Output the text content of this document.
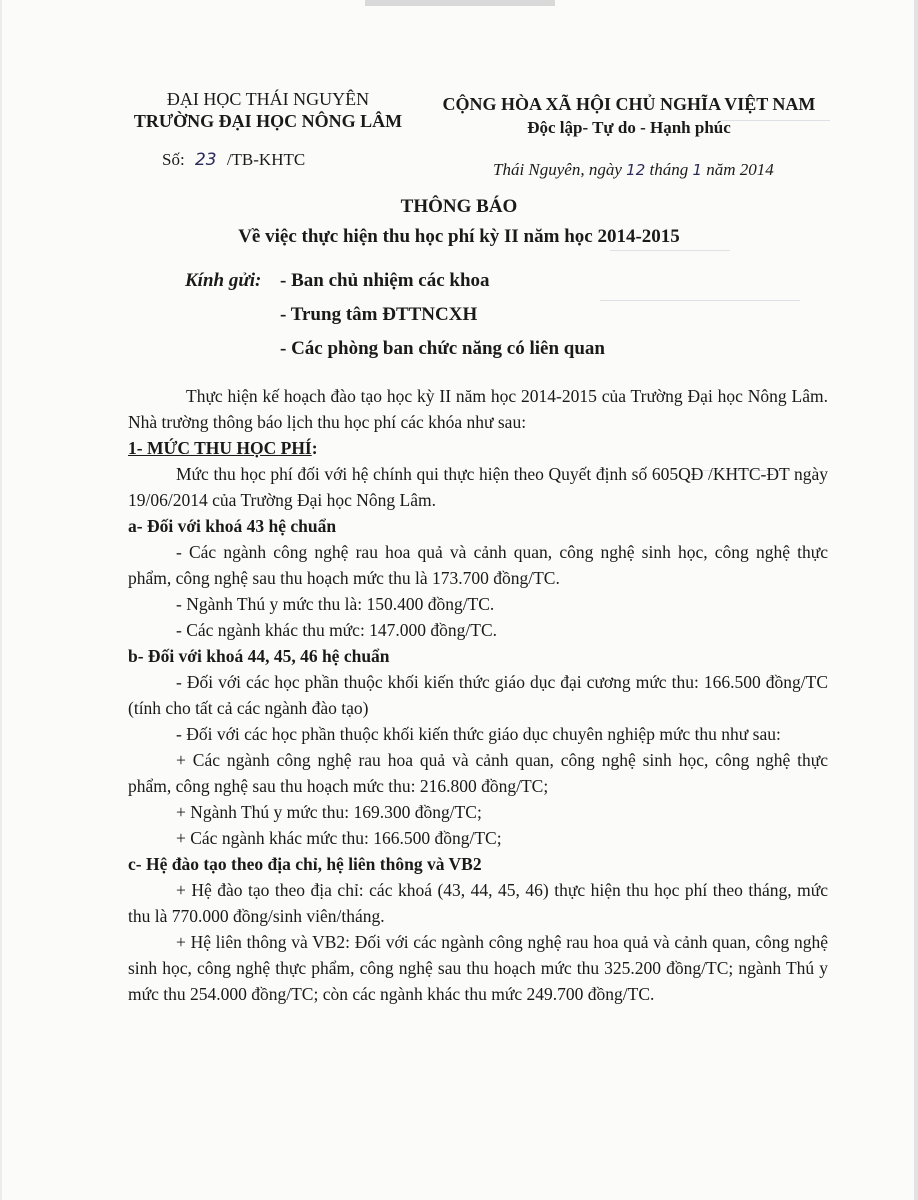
ĐẠI HỌC THÁI NGUYÊN
TRƯỜNG ĐẠI HỌC NÔNG LÂM
CỘNG HÒA XÃ HỘI CHỦ NGHĨA VIỆT NAM
Độc lập- Tự do - Hạnh phúc
Số: 23 /TB-KHTC
Thái Nguyên, ngày 12 tháng 1 năm 2014
THÔNG BÁO
Về việc thực hiện thu học phí kỳ II năm học 2014-2015
Kính gửi: - Ban chủ nhiệm các khoa
- Trung tâm ĐTTNCXH
- Các phòng ban chức năng có liên quan

Thực hiện kế hoạch đào tạo học kỳ II năm học 2014-2015 của Trường Đại học Nông Lâm. Nhà trường thông báo lịch thu học phí các khóa như sau:

1- MỨC THU HỌC PHÍ:

Mức thu học phí đối với hệ chính qui thực hiện theo Quyết định số 605QĐ /KHTC-ĐT ngày 19/06/2014 của Trường Đại học Nông Lâm.

a- Đối với khoá 43 hệ chuẩn

- Các ngành công nghệ rau hoa quả và cảnh quan, công nghệ sinh học, công nghệ thực phẩm, công nghệ sau thu hoạch mức thu là 173.700 đồng/TC.

- Ngành Thú y mức thu là: 150.400 đồng/TC.

- Các ngành khác thu mức: 147.000 đồng/TC.

b- Đối với khoá 44, 45, 46 hệ chuẩn

- Đối với các học phần thuộc khối kiến thức giáo dục đại cương mức thu: 166.500 đồng/TC (tính cho tất cả các ngành đào tạo)

- Đối với các học phần thuộc khối kiến thức giáo dục chuyên nghiệp mức thu như sau:

+ Các ngành công nghệ rau hoa quả và cảnh quan, công nghệ sinh học, công nghệ thực phẩm, công nghệ sau thu hoạch mức thu: 216.800 đồng/TC;

+ Ngành Thú y mức thu: 169.300 đồng/TC;

+ Các ngành khác mức thu: 166.500 đồng/TC;

c- Hệ đào tạo theo địa chỉ, hệ liên thông và VB2

+ Hệ đào tạo theo địa chỉ: các khoá (43, 44, 45, 46) thực hiện thu học phí theo tháng, mức thu là 770.000 đồng/sinh viên/tháng.

+ Hệ liên thông và VB2: Đối với các ngành công nghệ rau hoa quả và cảnh quan, công nghệ sinh học, công nghệ thực phẩm, công nghệ sau thu hoạch mức thu 325.200 đồng/TC; ngành Thú y mức thu 254.000 đồng/TC; còn các ngành khác thu mức 249.700 đồng/TC.
